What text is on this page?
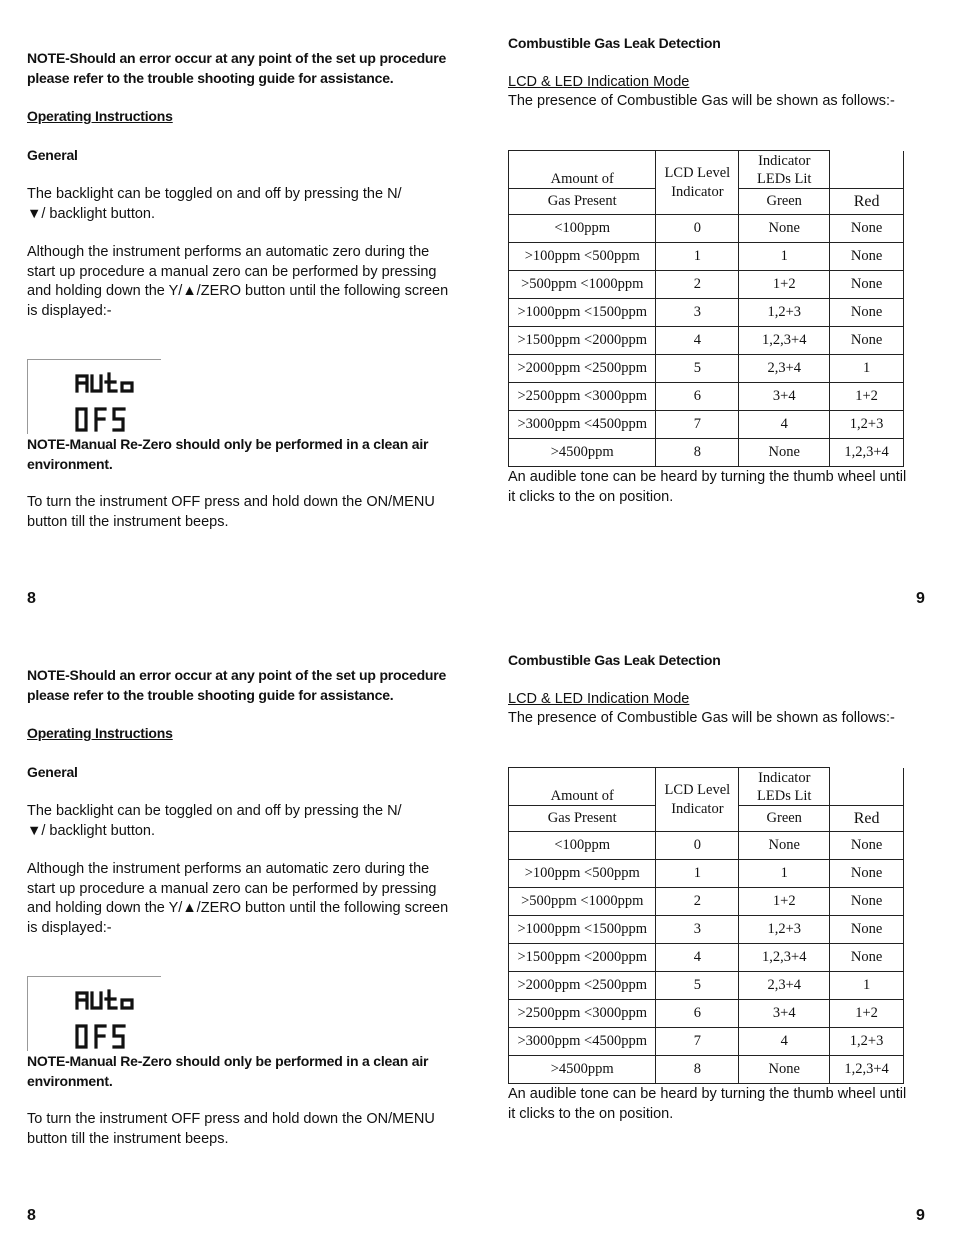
NOTE-Should an error occur at any point of the set up procedure please refer to the trouble shooting guide for assistance.

Operating Instructions

General

The backlight can be toggled on and off by pressing the N/▼/ backlight button.

Although the instrument performs an automatic zero during the start up procedure a manual zero can be performed by pressing and holding down the Y/▲/ZERO button until the following screen is displayed:-

NOTE-Manual Re-Zero should only be performed in a clean air environment.

To turn the instrument OFF press and hold down the ON/MENU button till the instrument beeps.

8

Combustible Gas Leak Detection

LCD & LED Indication Mode

The presence of Combustible Gas will be shown as follows:-

Amount of	LCD Level Indicator	Indicator LEDs Lit	
Gas Present		Green	Red
<100ppm	0	None	None
>100ppm <500ppm	1	1	None
>500ppm <1000ppm	2	1+2	None
>1000ppm <1500ppm	3	1,2+3	None
>1500ppm <2000ppm	4	1,2,3+4	None
>2000ppm <2500ppm	5	2,3+4	1
>2500ppm <3000ppm	6	3+4	1+2
>3000ppm <4500ppm	7	4	1,2+3
>4500ppm	8	None	1,2,3+4

An audible tone can be heard by turning the thumb wheel until it clicks to the on position.

9

NOTE-Should an error occur at any point of the set up procedure please refer to the trouble shooting guide for assistance.

Operating Instructions

General

The backlight can be toggled on and off by pressing the N/▼/ backlight button.

Although the instrument performs an automatic zero during the start up procedure a manual zero can be performed by pressing and holding down the Y/▲/ZERO button until the following screen is displayed:-

NOTE-Manual Re-Zero should only be performed in a clean air environment.

To turn the instrument OFF press and hold down the ON/MENU button till the instrument beeps.

8

Combustible Gas Leak Detection

LCD & LED Indication Mode

The presence of Combustible Gas will be shown as follows:-

Amount of	LCD Level Indicator	Indicator LEDs Lit	
Gas Present		Green	Red
<100ppm	0	None	None
>100ppm <500ppm	1	1	None
>500ppm <1000ppm	2	1+2	None
>1000ppm <1500ppm	3	1,2+3	None
>1500ppm <2000ppm	4	1,2,3+4	None
>2000ppm <2500ppm	5	2,3+4	1
>2500ppm <3000ppm	6	3+4	1+2
>3000ppm <4500ppm	7	4	1,2+3
>4500ppm	8	None	1,2,3+4

An audible tone can be heard by turning the thumb wheel until it clicks to the on position.

9
